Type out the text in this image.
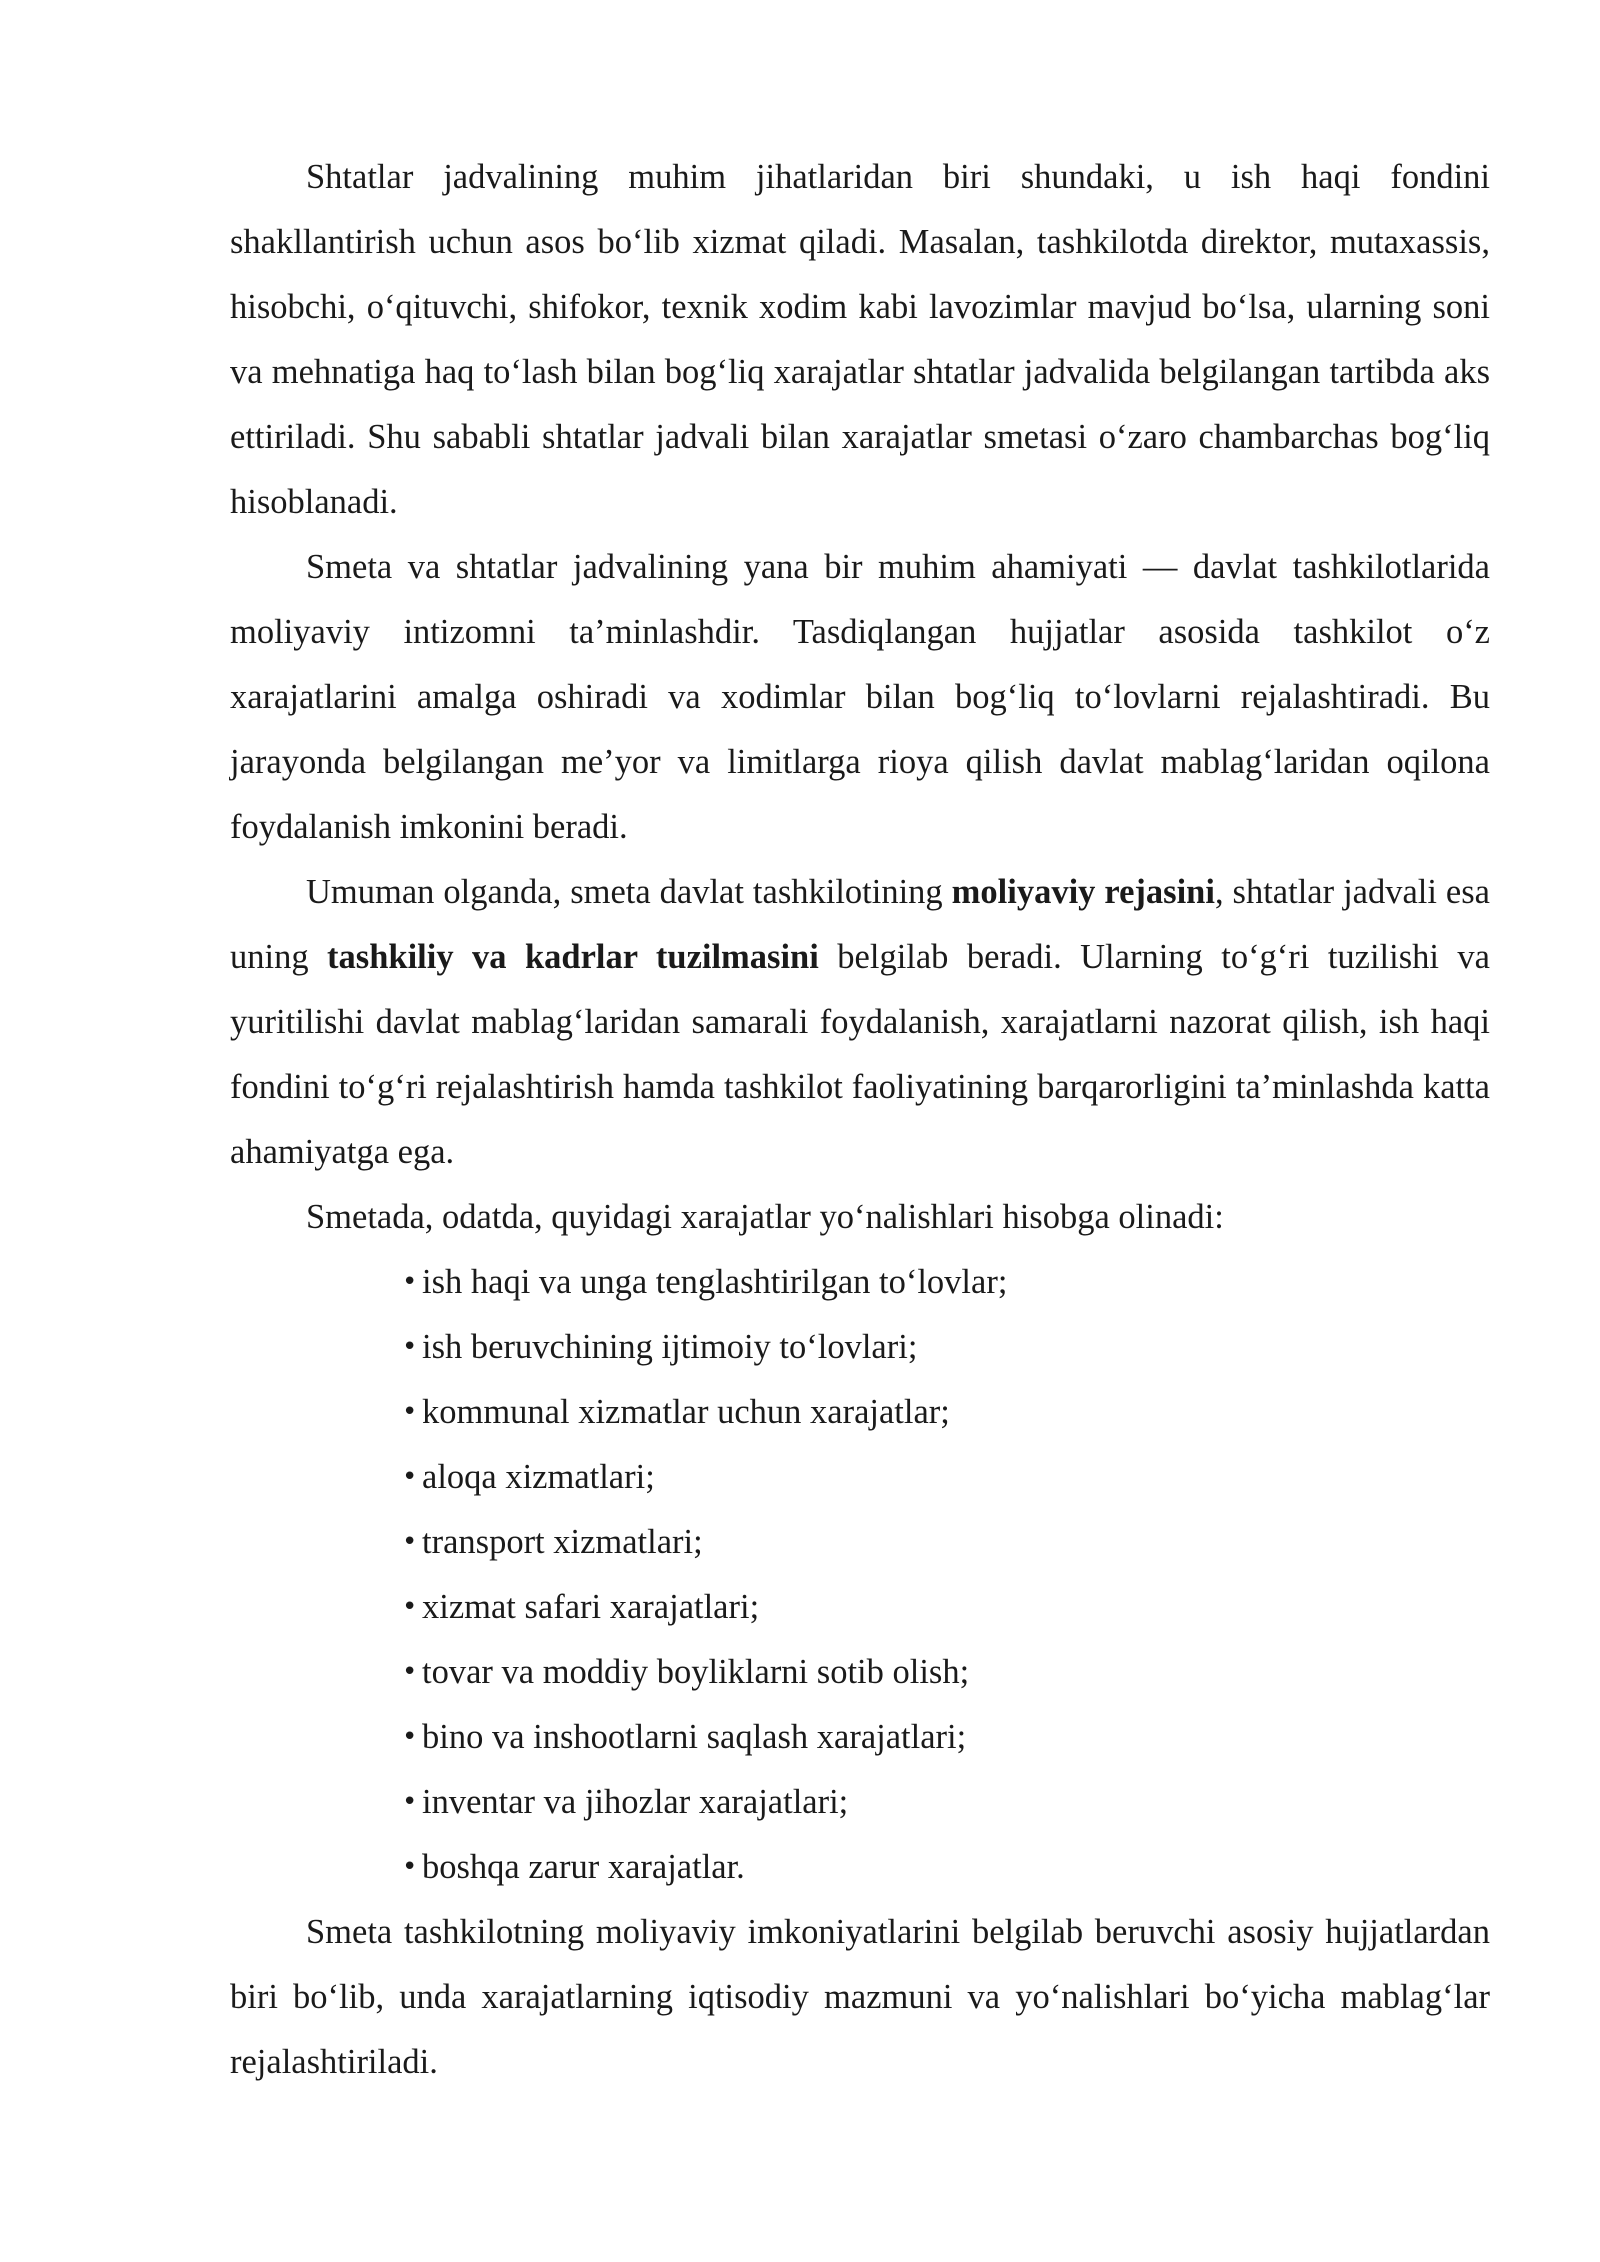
Shtatlar jadvalining muhim jihatlaridan biri shundaki, u ish haqi fondini shakllantirish uchun asos bo‘lib xizmat qiladi. Masalan, tashkilotda direktor, mutaxassis, hisobchi, o‘qituvchi, shifokor, texnik xodim kabi lavozimlar mavjud bo‘lsa, ularning soni va mehnatiga haq to‘lash bilan bog‘liq xarajatlar shtatlar jadvalida belgilangan tartibda aks ettiriladi. Shu sababli shtatlar jadvali bilan xarajatlar smetasi o‘zaro chambarchas bog‘liq hisoblanadi.

Smeta va shtatlar jadvalining yana bir muhim ahamiyati — davlat tashkilotlarida moliyaviy intizomni ta’minlashdir. Tasdiqlangan hujjatlar asosida tashkilot o‘z xarajatlarini amalga oshiradi va xodimlar bilan bog‘liq to‘lovlarni rejalashtiradi. Bu jarayonda belgilangan me’yor va limitlarga rioya qilish davlat mablag‘laridan oqilona foydalanish imkonini beradi.

Umuman olganda, smeta davlat tashkilotining moliyaviy rejasini, shtatlar jadvali esa uning tashkiliy va kadrlar tuzilmasini belgilab beradi. Ularning to‘g‘ri tuzilishi va yuritilishi davlat mablag‘laridan samarali foydalanish, xarajatlarni nazorat qilish, ish haqi fondini to‘g‘ri rejalashtirish hamda tashkilot faoliyatining barqarorligini ta’minlashda katta ahamiyatga ega.

Smetada, odatda, quyidagi xarajatlar yo‘nalishlari hisobga olinadi:

• ish haqi va unga tenglashtirilgan to‘lovlar;
• ish beruvchining ijtimoiy to‘lovlari;
• kommunal xizmatlar uchun xarajatlar;
• aloqa xizmatlari;
• transport xizmatlari;
• xizmat safari xarajatlari;
• tovar va moddiy boyliklarni sotib olish;
• bino va inshootlarni saqlash xarajatlari;
• inventar va jihozlar xarajatlari;
• boshqa zarur xarajatlar.

Smeta tashkilotning moliyaviy imkoniyatlarini belgilab beruvchi asosiy hujjatlardan biri bo‘lib, unda xarajatlarning iqtisodiy mazmuni va yo‘nalishlari bo‘yicha mablag‘lar rejalashtiriladi.
